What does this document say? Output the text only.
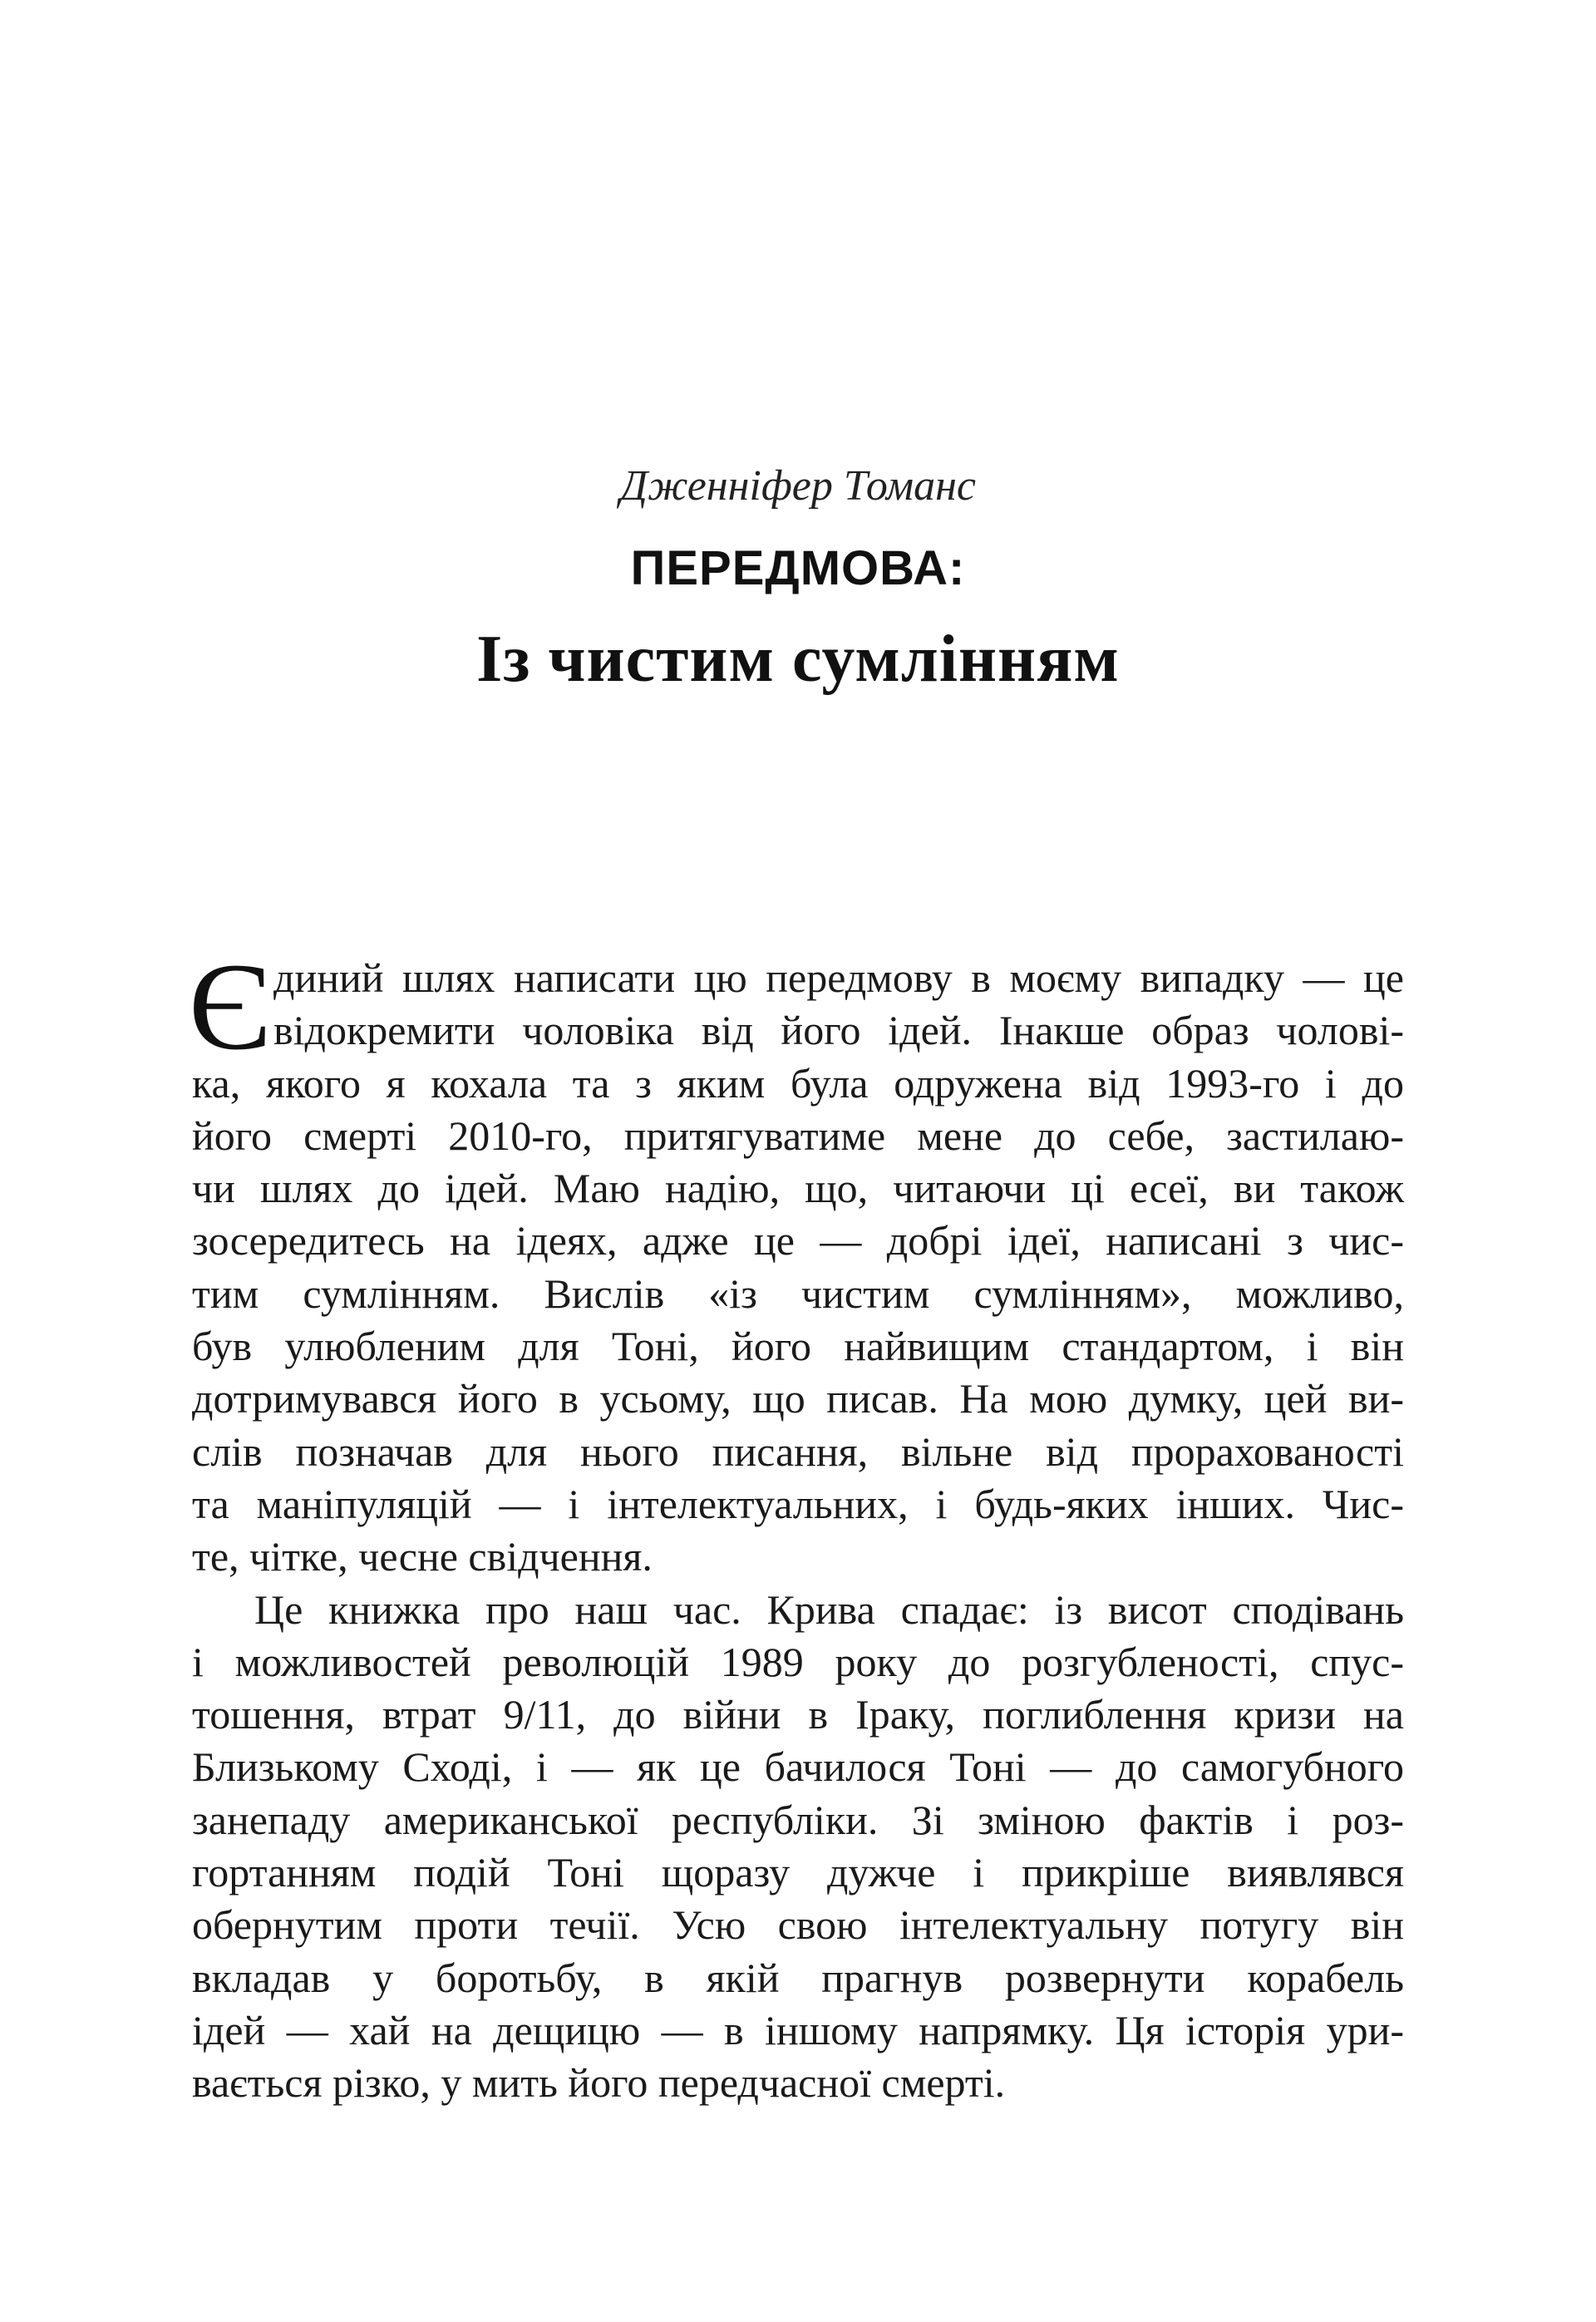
Дженніфер Томанс
ПЕРЕДМОВА:
Із чистим сумлінням
Є диний шлях написати цю передмову в моєму випадку — це
відокремити чоловіка від його ідей. Інакше образ чолові-
ка, якого я кохала та з яким була одружена від 1993-го і до
його смерті 2010-го, притягуватиме мене до себе, застилаю-
чи шлях до ідей. Маю надію, що, читаючи ці есеї, ви також
зосередитесь на ідеях, адже це — добрі ідеї, написані з чис-
тим сумлінням. Вислів «із чистим сумлінням», можливо,
був улюбленим для Тоні, його найвищим стандартом, і він
дотримувався його в усьому, що писав. На мою думку, цей ви-
слів позначав для нього писання, вільне від прорахованості
та маніпуляцій — і інтелектуальних, і будь-яких інших. Чис-
те, чітке, чесне свідчення.
Це книжка про наш час. Крива спадає: із висот сподівань
і можливостей революцій 1989 року до розгубленості, спус-
тошення, втрат 9/11, до війни в Іраку, поглиблення кризи на
Близькому Сході, і — як це бачилося Тоні — до самогубного
занепаду американської республіки. Зі зміною фактів і роз-
гортанням подій Тоні щоразу дужче і прикріше виявлявся
обернутим проти течії. Усю свою інтелектуальну потугу він
вкладав у боротьбу, в якій прагнув розвернути корабель
ідей — хай на дещицю — в іншому напрямку. Ця історія ури-
вається різко, у мить його передчасної смерті.
